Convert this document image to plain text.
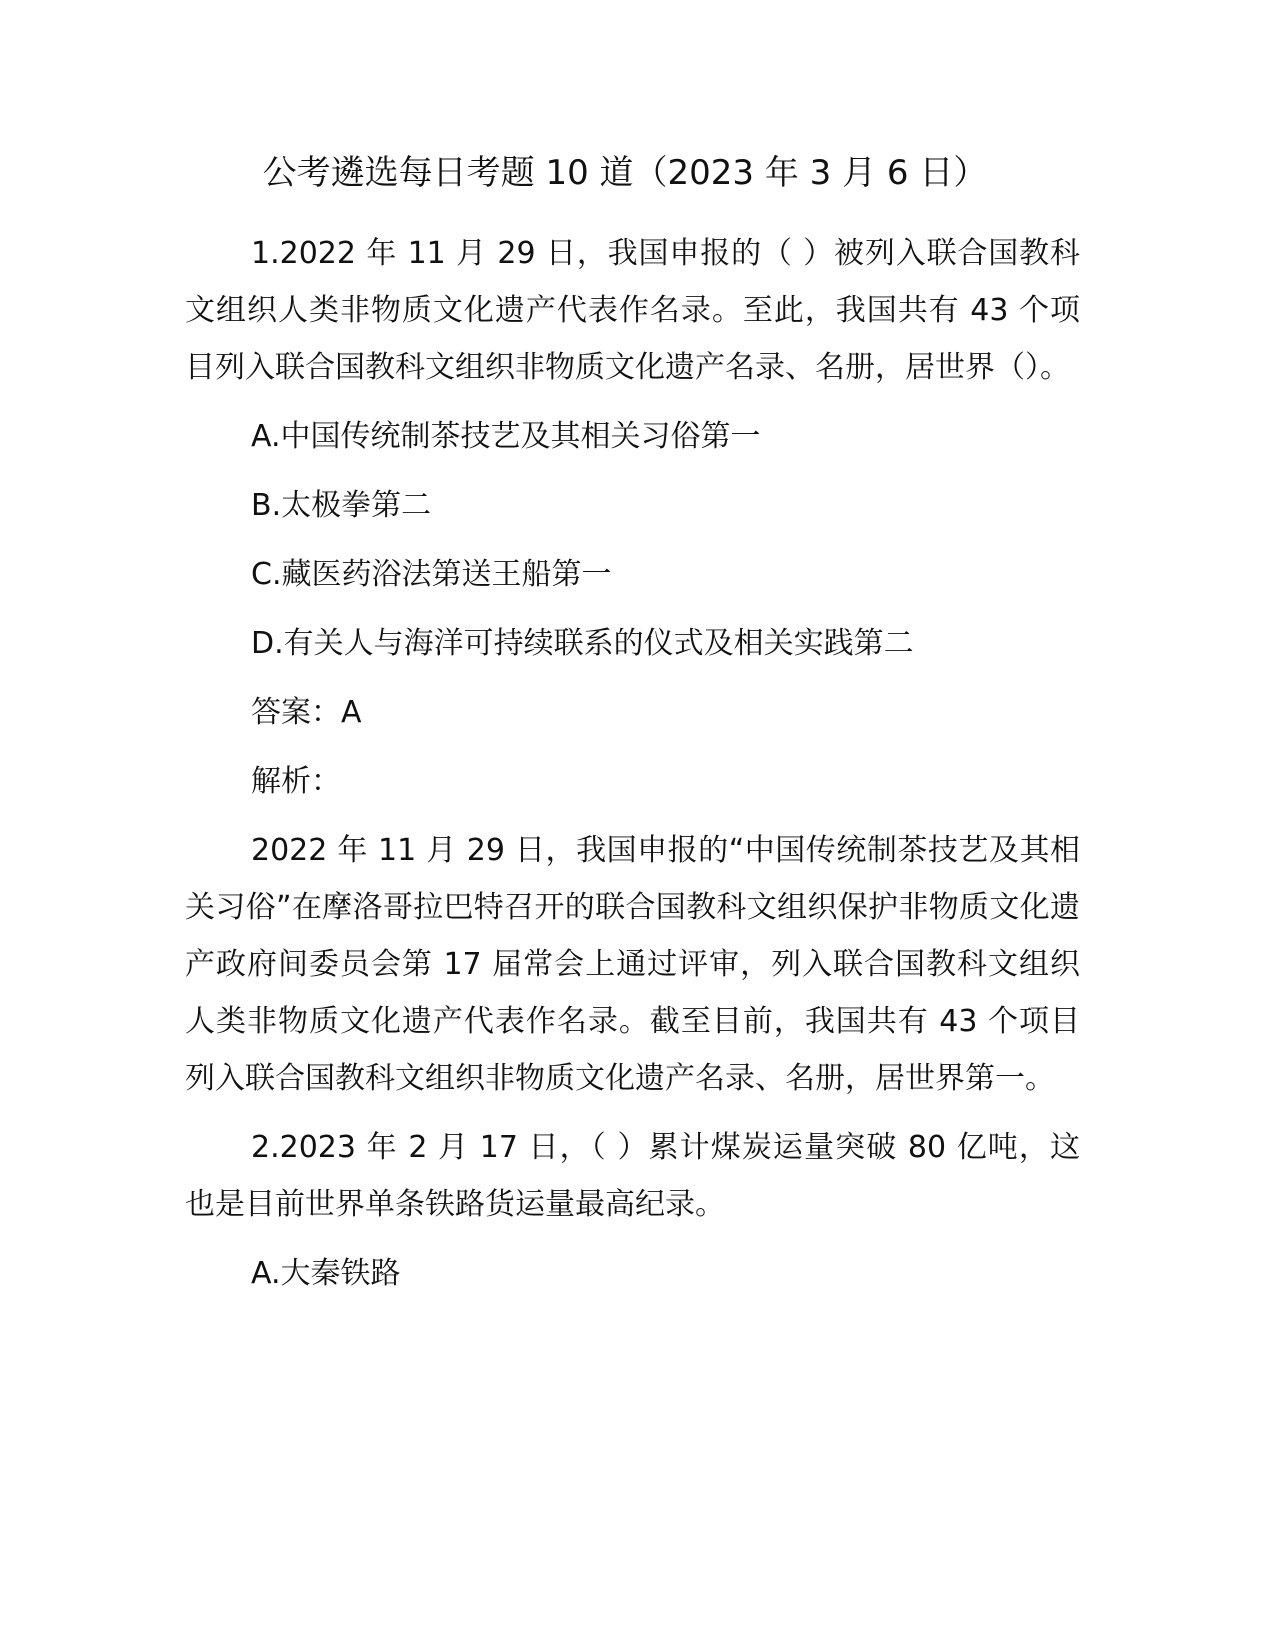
公考遴选每日考题 10 道（2023 年 3 月 6 日）

1.2022 年 11 月 29 日，我国申报的（ ）被列入联合国教科文组织人类非物质文化遗产代表作名录。至此，我国共有 43 个项目列入联合国教科文组织非物质文化遗产名录、名册，居世界（）。

A.中国传统制茶技艺及其相关习俗第一
B.太极拳第二
C.藏医药浴法第送王船第一
D.有关人与海洋可持续联系的仪式及相关实践第二
答案：A
解析：

2022 年 11 月 29 日，我国申报的“中国传统制茶技艺及其相关习俗”在摩洛哥拉巴特召开的联合国教科文组织保护非物质文化遗产政府间委员会第 17 届常会上通过评审，列入联合国教科文组织人类非物质文化遗产代表作名录。截至目前，我国共有 43 个项目列入联合国教科文组织非物质文化遗产名录、名册，居世界第一。

2.2023 年 2 月 17 日，（ ）累计煤炭运量突破 80 亿吨，这也是目前世界单条铁路货运量最高纪录。

A.大秦铁路
